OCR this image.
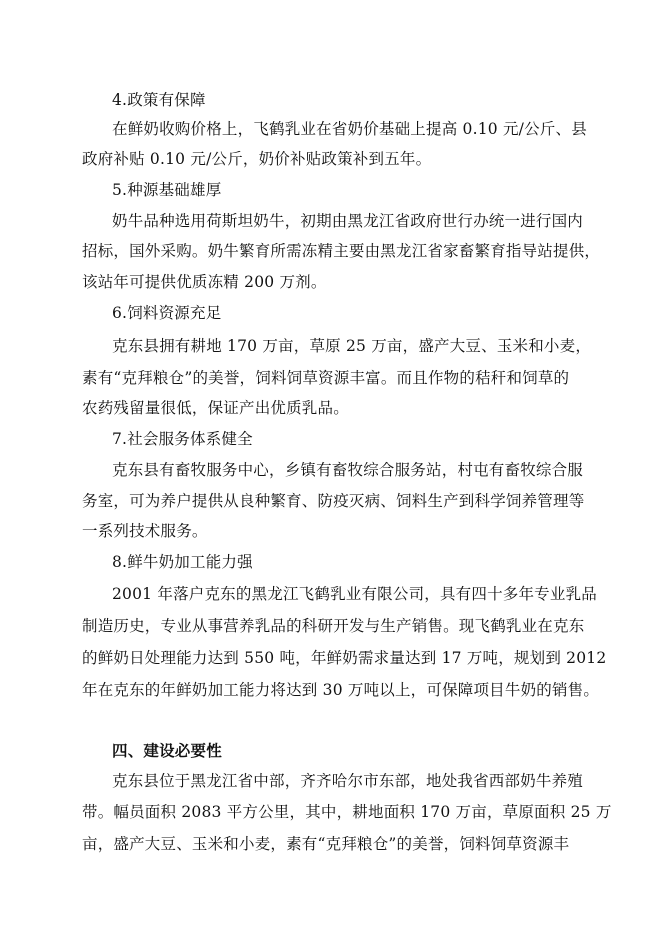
4.政策有保障
在鲜奶收购价格上，飞鹤乳业在省奶价基础上提高 0.10 元/公斤、县
政府补贴 0.10 元/公斤，奶价补贴政策补到五年。
5.种源基础雄厚
奶牛品种选用荷斯坦奶牛，初期由黑龙江省政府世行办统一进行国内
招标，国外采购。奶牛繁育所需冻精主要由黑龙江省家畜繁育指导站提供，
该站年可提供优质冻精 200 万剂。
6.饲料资源充足
克东县拥有耕地 170 万亩，草原 25 万亩，盛产大豆、玉米和小麦，
素有“克拜粮仓”的美誉，饲料饲草资源丰富。而且作物的秸秆和饲草的
农药残留量很低，保证产出优质乳品。
7.社会服务体系健全
克东县有畜牧服务中心，乡镇有畜牧综合服务站，村屯有畜牧综合服
务室，可为养户提供从良种繁育、防疫灭病、饲料生产到科学饲养管理等
一系列技术服务。
8.鲜牛奶加工能力强
2001 年落户克东的黑龙江飞鹤乳业有限公司，具有四十多年专业乳品
制造历史，专业从事营养乳品的科研开发与生产销售。现飞鹤乳业在克东
的鲜奶日处理能力达到 550 吨，年鲜奶需求量达到 17 万吨，规划到 2012
年在克东的年鲜奶加工能力将达到 30 万吨以上，可保障项目牛奶的销售。
四、建设必要性
克东县位于黑龙江省中部，齐齐哈尔市东部，地处我省西部奶牛养殖
带。幅员面积 2083 平方公里，其中，耕地面积 170 万亩，草原面积 25 万
亩，盛产大豆、玉米和小麦，素有“克拜粮仓”的美誉，饲料饲草资源丰
